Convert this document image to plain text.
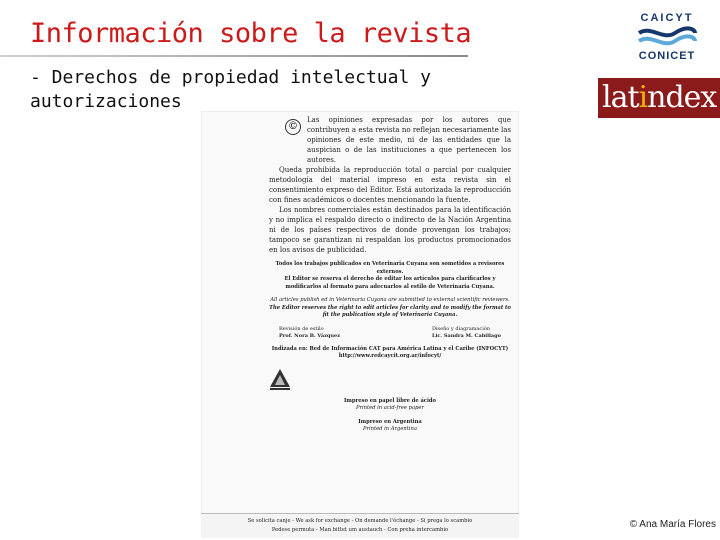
Información sobre la revista
- Derechos de propiedad intelectual y autorizaciones
CAICYT
CONICET
latindex
©

Las opiniones expresadas por los autores que contribuyen a esta revista no reflejan necesariamente las opiniones de este medio, ni de las entidades que la auspician o de las instituciones a que pertenecen los autores.

Queda prohibida la reproducción total o parcial por cualquier metodología del material impreso en esta revista sin el consentimiento expreso del Editor. Está autorizada la reproducción con fines académicos o docentes mencionando la fuente.

Los nombres comerciales están destinados para la identificación y no implica el respaldo directo o indirecto de la Nación Argentina ni de los países respectivos de donde provengan los trabajos; tampoco se garantizan ni respaldan los productos promocionados en los avisos de publicidad.

Todos los trabajos publicados en Veterinaria Cuyana son sometidos a revisores externos.

El Editor se reserva el derecho de editar los artículos para clarificarlos y modificarlos al formato para adecuarlos al estilo de Veterinaria Cuyana.

All articles publish ed in Veterinaria Cuyana are submitted to external scientific reviewers.

The Editor reserves the right to edit articles for clarity and to modify the format to fit the publication style of Veterinaria Cuyana.

Revisión de estilo
Prof. Nora B. Vázquez
Diseño y diagramación
Lic. Sandra M. Cabillago

Indizada en: Red de Información CAT para América Latina y el Caribe (INFOCYT) http://www.redcaycit.org.ar/infocyt/

Impreso en papel libre de ácido

Printed in acid-free paper

Impreso en Argentina

Printed in Argentina

Se solicita canje - We ask for exchange - On demande l'échange - Si prega lo scambio
Pedese permuta - Man bittet um austauch - Con preha intercambio	© Ana María Flores
